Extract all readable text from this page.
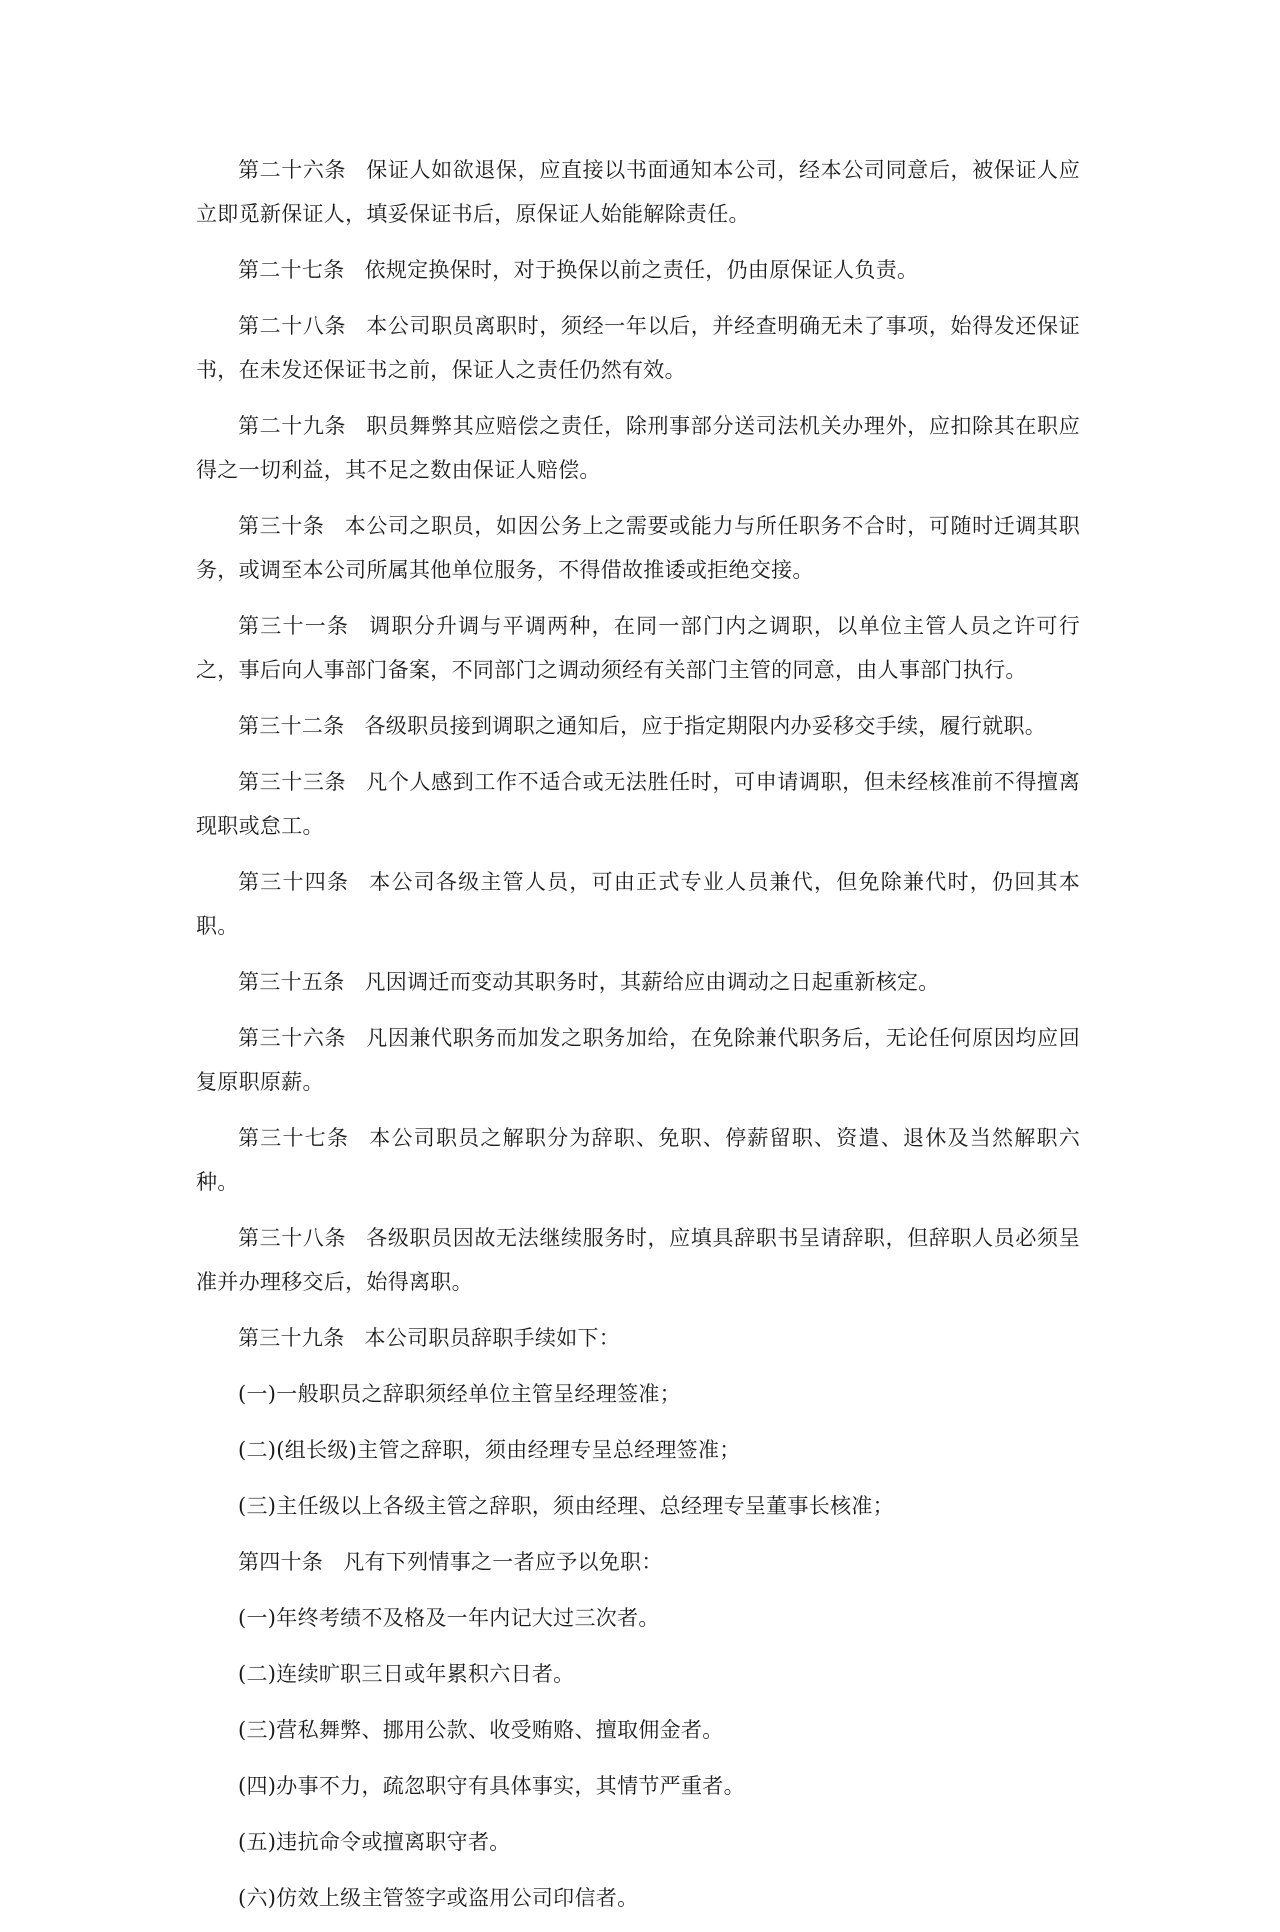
第二十六条 保证人如欲退保，应直接以书面通知本公司，经本公司同意后，被保证人应立即觅新保证人，填妥保证书后，原保证人始能解除责任。

第二十七条 依规定换保时，对于换保以前之责任，仍由原保证人负责。

第二十八条 本公司职员离职时，须经一年以后，并经查明确无未了事项，始得发还保证书，在未发还保证书之前，保证人之责任仍然有效。

第二十九条 职员舞弊其应赔偿之责任，除刑事部分送司法机关办理外，应扣除其在职应得之一切利益，其不足之数由保证人赔偿。

第三十条 本公司之职员，如因公务上之需要或能力与所任职务不合时，可随时迁调其职务，或调至本公司所属其他单位服务，不得借故推诿或拒绝交接。

第三十一条 调职分升调与平调两种，在同一部门内之调职，以单位主管人员之许可行之，事后向人事部门备案，不同部门之调动须经有关部门主管的同意，由人事部门执行。

第三十二条 各级职员接到调职之通知后，应于指定期限内办妥移交手续，履行就职。

第三十三条 凡个人感到工作不适合或无法胜任时，可申请调职，但未经核准前不得擅离现职或怠工。

第三十四条 本公司各级主管人员，可由正式专业人员兼代，但免除兼代时，仍回其本职。

第三十五条 凡因调迁而变动其职务时，其薪给应由调动之日起重新核定。

第三十六条 凡因兼代职务而加发之职务加给，在免除兼代职务后，无论任何原因均应回复原职原薪。

第三十七条 本公司职员之解职分为辞职、免职、停薪留职、资遣、退休及当然解职六种。

第三十八条 各级职员因故无法继续服务时，应填具辞职书呈请辞职，但辞职人员必须呈准并办理移交后，始得离职。

第三十九条 本公司职员辞职手续如下：

(一)一般职员之辞职须经单位主管呈经理签准；

(二)(组长级)主管之辞职，须由经理专呈总经理签准；

(三)主任级以上各级主管之辞职，须由经理、总经理专呈董事长核准；

第四十条 凡有下列情事之一者应予以免职：

(一)年终考绩不及格及一年内记大过三次者。

(二)连续旷职三日或年累积六日者。

(三)营私舞弊、挪用公款、收受贿赂、擅取佣金者。

(四)办事不力，疏忽职守有具体事实，其情节严重者。

(五)违抗命令或擅离职守者。

(六)仿效上级主管签字或盗用公司印信者。
